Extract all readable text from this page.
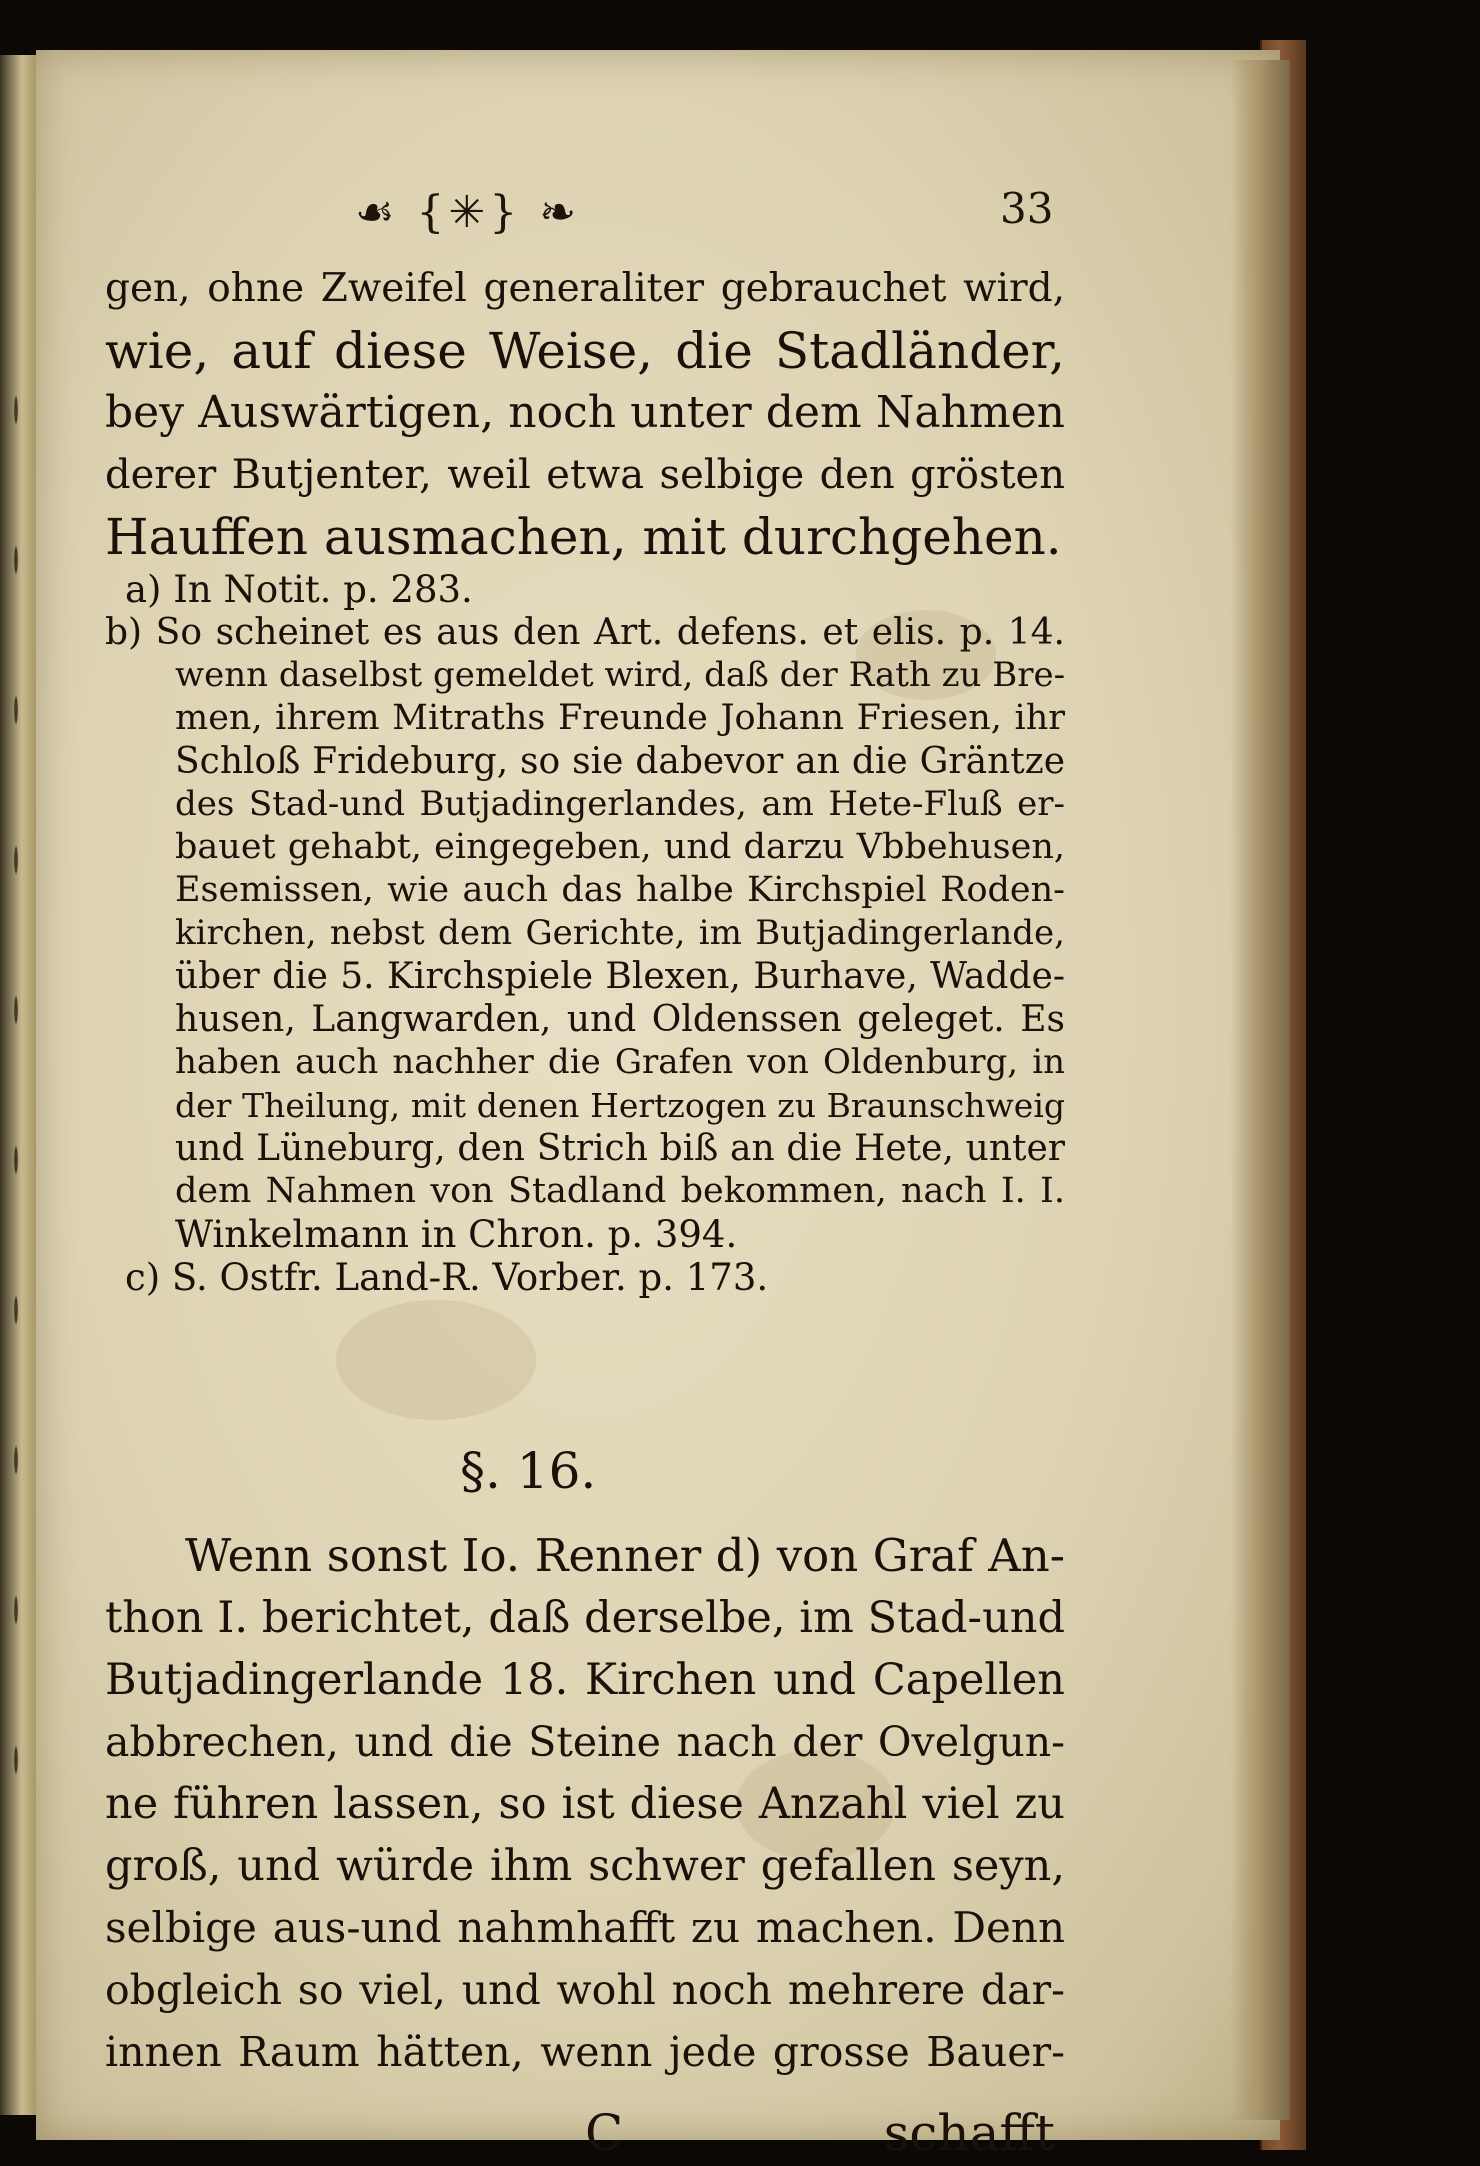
☙ {✳} ❧	33
gen, ohne Zweifel generaliter gebrauchet wird,
wie, auf diese Weise, die Stadländer,
bey Auswärtigen, noch unter dem Nahmen
derer Butjenter, weil etwa selbige den grösten
Hauffen ausmachen, mit durchgehen.
a) In Notit. p. 283.
b) So scheinet es aus den Art. defens. et elis. p. 14.
wenn daselbst gemeldet wird, daß der Rath zu Bre-
men, ihrem Mitraths Freunde Johann Friesen, ihr
Schloß Frideburg, so sie dabevor an die Gräntze
des Stad-und Butjadingerlandes, am Hete-Fluß er-
bauet gehabt, eingegeben, und darzu Vbbehusen,
Esemissen, wie auch das halbe Kirchspiel Roden-
kirchen, nebst dem Gerichte, im Butjadingerlande,
über die 5. Kirchspiele Blexen, Burhave, Wadde-
husen, Langwarden, und Oldenssen geleget. Es
haben auch nachher die Grafen von Oldenburg, in
der Theilung, mit denen Hertzogen zu Braunschweig
und Lüneburg, den Strich biß an die Hete, unter
dem Nahmen von Stadland bekommen, nach I. I.
Winkelmann in Chron. p. 394.
c) S. Ostfr. Land-R. Vorber. p. 173.
§. 16.
Wenn sonst Io. Renner d) von Graf An-
thon I. berichtet, daß derselbe, im Stad-und
Butjadingerlande 18. Kirchen und Capellen
abbrechen, und die Steine nach der Ovelgun-
ne führen lassen, so ist diese Anzahl viel zu
groß, und würde ihm schwer gefallen seyn,
selbige aus-und nahmhafft zu machen. Denn
obgleich so viel, und wohl noch mehrere dar-
innen Raum hätten, wenn jede grosse Bauer-
C	schafft
